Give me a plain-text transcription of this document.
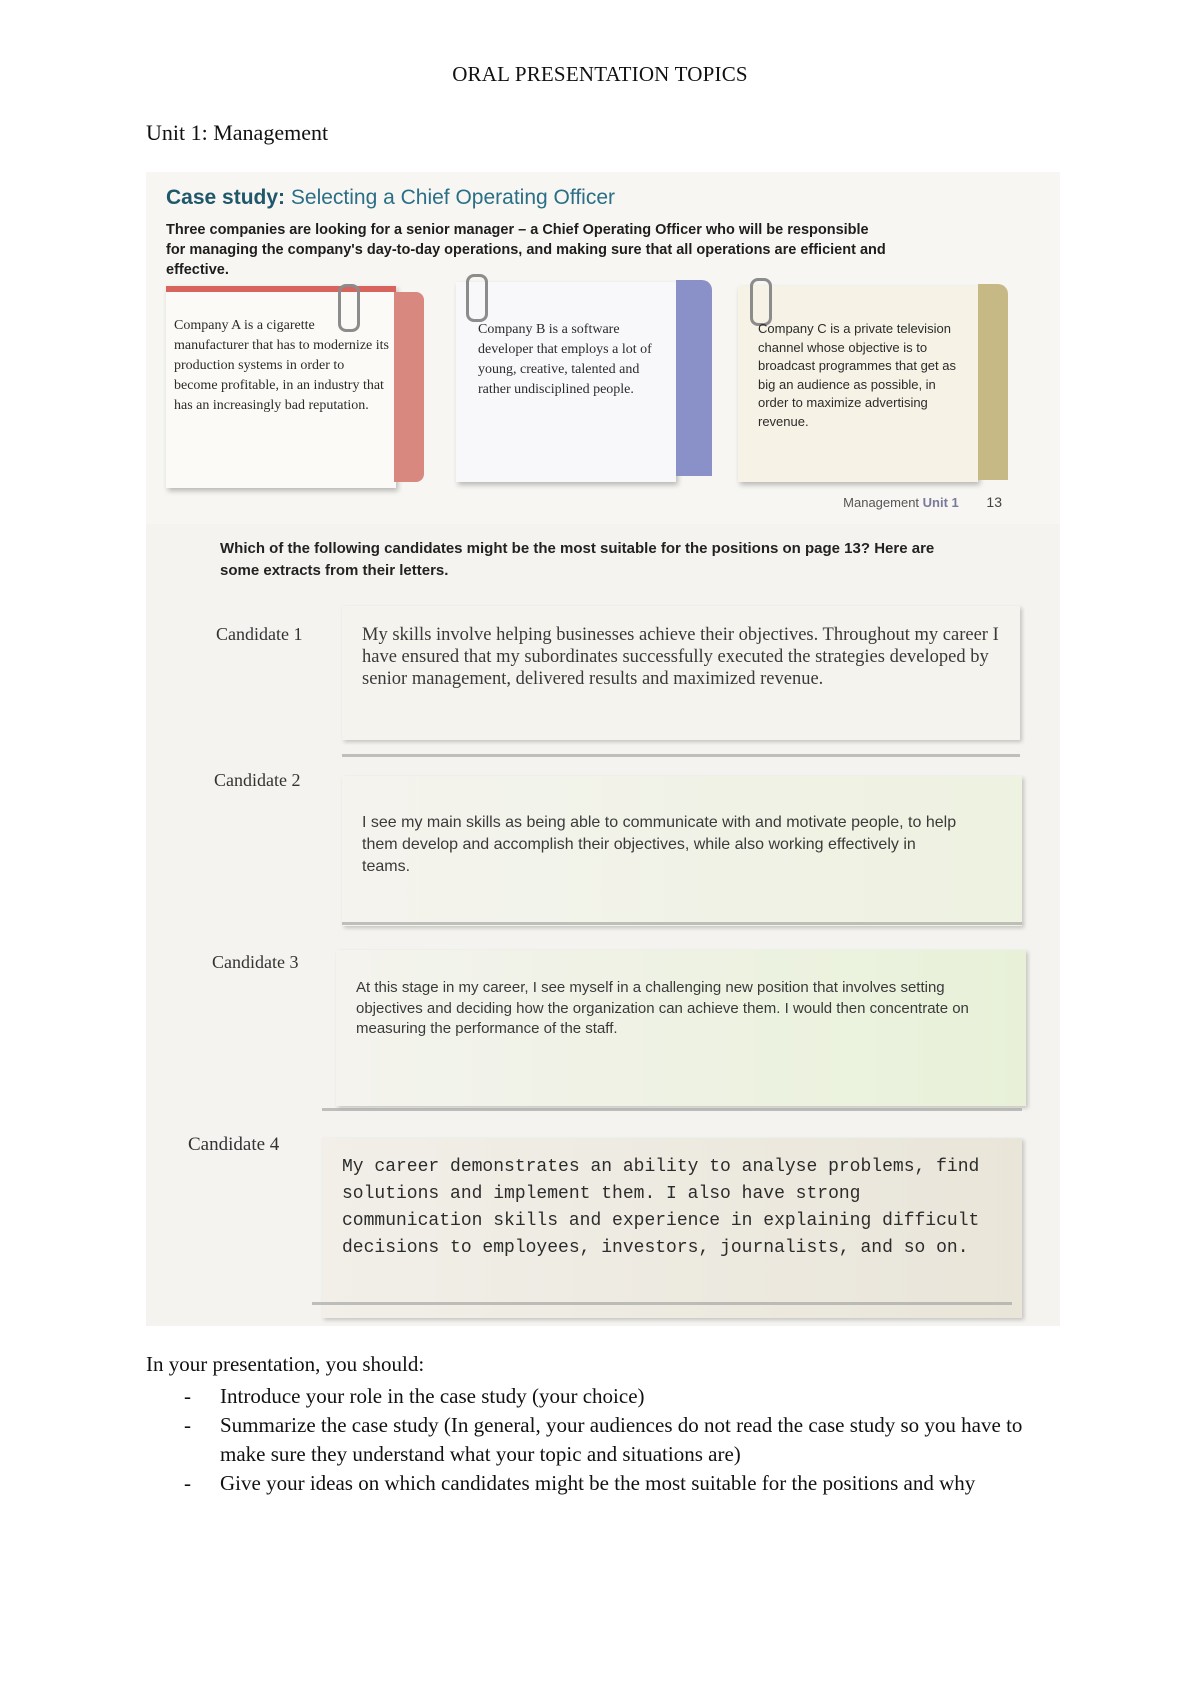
ORAL PRESENTATION TOPICS
Unit 1: Management
Case study: Selecting a Chief Operating Officer
Three companies are looking for a senior manager – a Chief Operating Officer who will be responsible for managing the company's day-to-day operations, and making sure that all operations are efficient and effective.
Company A is a cigarette manufacturer that has to modernize its production systems in order to become profitable, in an industry that has an increasingly bad reputation.
Company B is a software developer that employs a lot of young, creative, talented and rather undisciplined people.
Company C is a private television channel whose objective is to broadcast programmes that get as big an audience as possible, in order to maximize advertising revenue.
Management Unit 1 13
Which of the following candidates might be the most suitable for the positions on page 13? Here are some extracts from their letters.
Candidate 1	My skills involve helping businesses achieve their objectives. Throughout my career I have ensured that my subordinates successfully executed the strategies developed by senior management, delivered results and maximized revenue.
Candidate 2
I see my main skills as being able to communicate with and motivate people, to help them develop and accomplish their objectives, while also working effectively in teams.
Candidate 3
At this stage in my career, I see myself in a challenging new position that involves setting objectives and deciding how the organization can achieve them. I would then concentrate on measuring the performance of the staff.
Candidate 4
My career demonstrates an ability to analyse problems, find solutions and implement them. I also have strong communication skills and experience in explaining difficult decisions to employees, investors, journalists, and so on.
In your presentation, you should:
- Introduce your role in the case study (your choice)
- Summarize the case study (In general, your audiences do not read the case study so you have to make sure they understand what your topic and situations are)
- Give your ideas on which candidates might be the most suitable for the positions and why
